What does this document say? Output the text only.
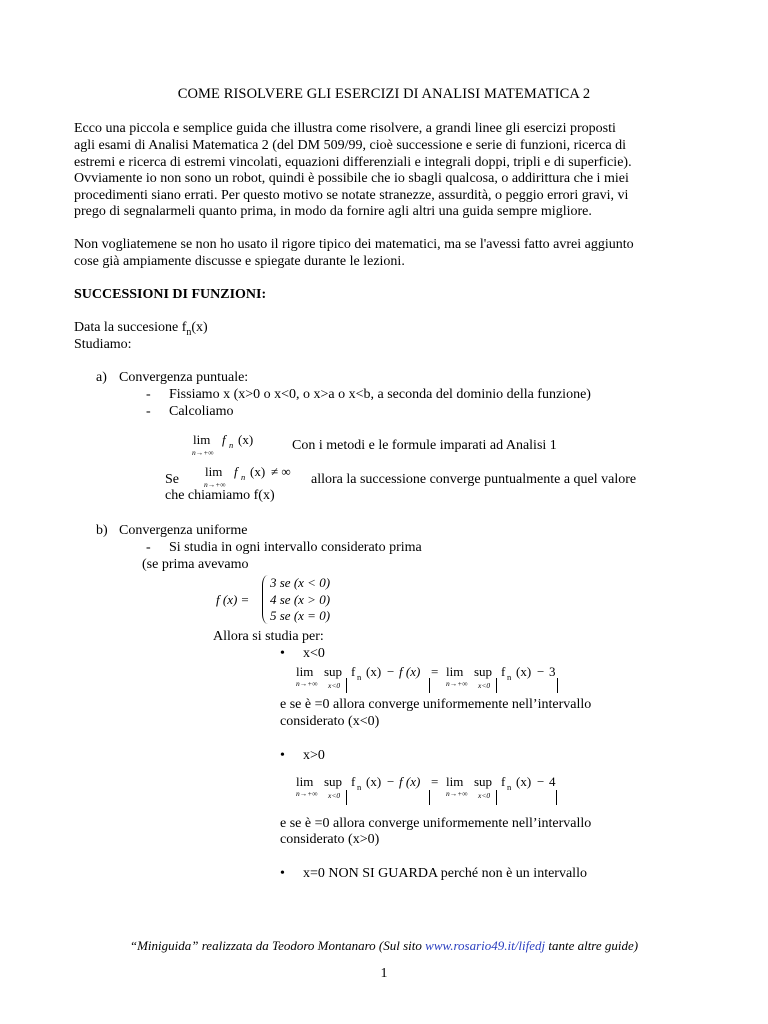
COME RISOLVERE GLI ESERCIZI DI ANALISI MATEMATICA 2
Ecco una piccola e semplice guida che illustra come risolvere, a grandi linee gli esercizi proposti
agli esami di Analisi Matematica 2 (del DM 509/99, cioè successione e serie di funzioni, ricerca di
estremi e ricerca di estremi vincolati, equazioni differenziali e integrali doppi, tripli e di superficie).
Ovviamente io non sono un robot, quindi è possibile che io sbagli qualcosa, o addirittura che i miei
procedimenti siano errati. Per questo motivo se notate stranezze, assurdità, o peggio errori gravi, vi
prego di segnalarmeli quanto prima, in modo da fornire agli altri una guida sempre migliore.
Non vogliatemene se non ho usato il rigore tipico dei matematici, ma se l'avessi fatto avrei aggiunto
cose già ampiamente discusse e spiegate durante le lezioni.
SUCCESSIONI DI FUNZIONI:
Data la succesione $f_n(x)$
Studiamo:
a) Convergenza puntuale:
- Fissiamo x (x>0 o x<0, o x>a o x<b, a seconda del dominio della funzione)
- Calcoliamo
lim
n→+∞
f n (x)	Con i metodi e le formule imparati ad Analisi 1
Se
lim
n→+∞
f n (x) ≠ ∞
allora la successione converge puntualmente a quel valore
che chiamiamo f(x)
b) Convergenza uniforme
- Si studia in ogni intervallo considerato prima
(se prima avevamo
f (x) =
3 se (x < 0)
4 se (x > 0)
5 se (x = 0)
Allora si studia per:
• x<0
lim
n→+∞
sup
x<0
f n (x) − f (x) = lim
n→+∞
sup
x<0
f n (x) − 3
e se è =0 allora converge uniformemente nell’intervallo
considerato (x<0)
• x>0
lim
n→+∞
sup
x<0
f n (x) − f (x) = lim
n→+∞
sup
x<0
f n (x) − 4
e se è =0 allora converge uniformemente nell’intervallo
considerato (x>0)
• x=0 NON SI GUARDA perché non è un intervallo
“Miniguida” realizzata da Teodoro Montanaro (Sul sito www.rosario49.it/lifedj tante altre guide)
1
